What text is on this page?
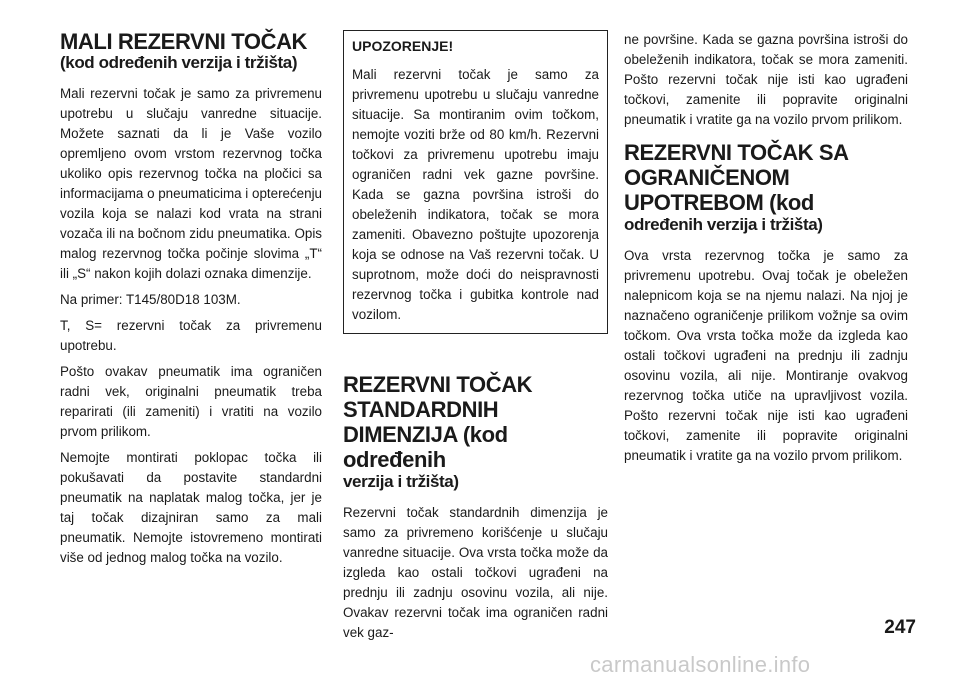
MALI REZERVNI TOČAK
(kod određenih verzija i tržišta)

Mali rezervni točak je samo za privremenu upotrebu u slučaju vanredne situacije. Možete saznati da li je Vaše vozilo opremljeno ovom vrstom rezervnog točka ukoliko opis rezervnog točka na pločici sa informacijama o pneumaticima i opterećenju vozila koja se nalazi kod vrata na strani vozača ili na bočnom zidu pneumatika. Opis malog rezervnog točka počinje slovima „T“ ili „S“ nakon kojih dolazi oznaka dimenzije.

Na primer: T145/80D18 103M.

T, S= rezervni točak za privremenu upotrebu.

Pošto ovakav pneumatik ima ograničen radni vek, originalni pneumatik treba reparirati (ili zameniti) i vratiti na vozilo prvom prilikom.

Nemojte montirati poklopac točka ili pokušavati da postavite standardni pneumatik na naplatak malog točka, jer je taj točak dizajniran samo za mali pneumatik. Nemojte istovremeno montirati više od jednog malog točka na vozilo.

UPOZORENJE!

Mali rezervni točak je samo za privremenu upotrebu u slučaju vanredne situacije. Sa montiranim ovim točkom, nemojte voziti brže od 80 km/h. Rezervni točkovi za privremenu upotrebu imaju ograničen radni vek gazne površine. Kada se gazna površina istroši do obeleženih indikatora, točak se mora zameniti. Obavezno poštujte upozorenja koja se odnose na Vaš rezervni točak. U suprotnom, može doći do neispravnosti rezervnog točka i gubitka kontrole nad vozilom.

REZERVNI TOČAK STANDARDNIH DIMENZIJA (kod određenih
verzija i tržišta)

Rezervni točak standardnih dimenzija je samo za privremeno korišćenje u slučaju vanredne situacije. Ova vrsta točka može da izgleda kao ostali točkovi ugrađeni na prednju ili zadnju osovinu vozila, ali nije. Ovakav rezervni točak ima ograničen radni vek gaz-

ne površine. Kada se gazna površina istroši do obeleženih indikatora, točak se mora zameniti. Pošto rezervni točak nije isti kao ugrađeni točkovi, zamenite ili popravite originalni pneumatik i vratite ga na vozilo prvom prilikom.

REZERVNI TOČAK SA OGRANIČENOM UPOTREBOM (kod
određenih verzija i tržišta)

Ova vrsta rezervnog točka je samo za privremenu upotrebu. Ovaj točak je obeležen nalepnicom koja se na njemu nalazi. Na njoj je naznačeno ograničenje prilikom vožnje sa ovim točkom. Ova vrsta točka može da izgleda kao ostali točkovi ugrađeni na prednju ili zadnju osovinu vozila, ali nije. Montiranje ovakvog rezervnog točka utiče na upravljivost vozila. Pošto rezervni točak nije isti kao ugrađeni točkovi, zamenite ili popravite originalni pneumatik i vratite ga na vozilo prvom prilikom.

247
carmanualsonline.info
